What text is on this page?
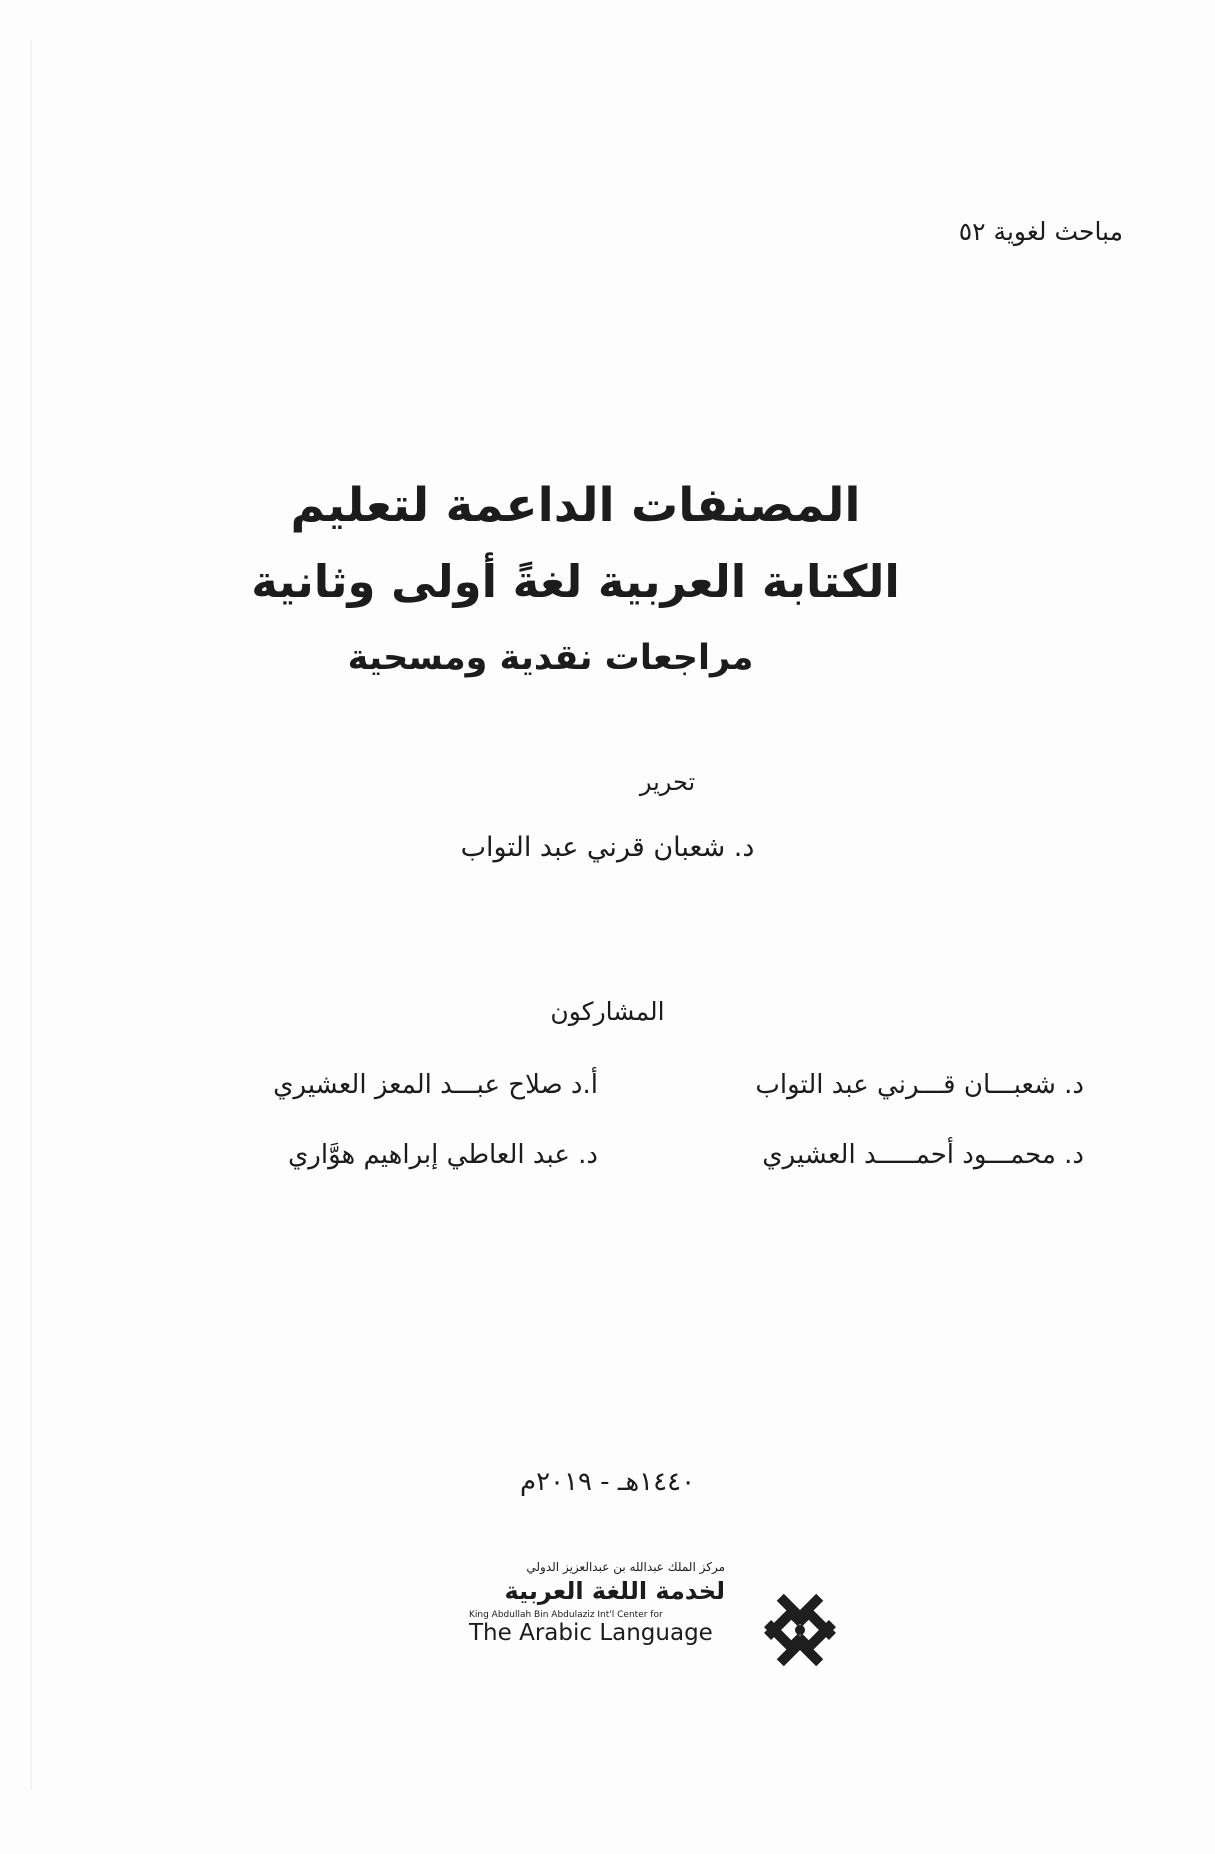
مباحث لغوية ٥٢
المصنفات الداعمة لتعليم
الكتابة العربية لغةً أولى وثانية
مراجعات نقدية ومسحية
تحرير
د. شعبان قرني عبد التواب
المشاركون
د. شعبـــان قـــرني عبد التواب
أ.د صلاح عبـــد المعز العشيري
د. محمـــود أحمـــــد العشيري
د. عبد العاطي إبراهيم هوَّاري
١٤٤٠هـ - ٢٠١٩م
مركز الملك عبدالله بن عبدالعزيز الدولي
لخدمة اللغة العربية
King Abdullah Bin Abdulaziz Int'l Center for
The Arabic Language
